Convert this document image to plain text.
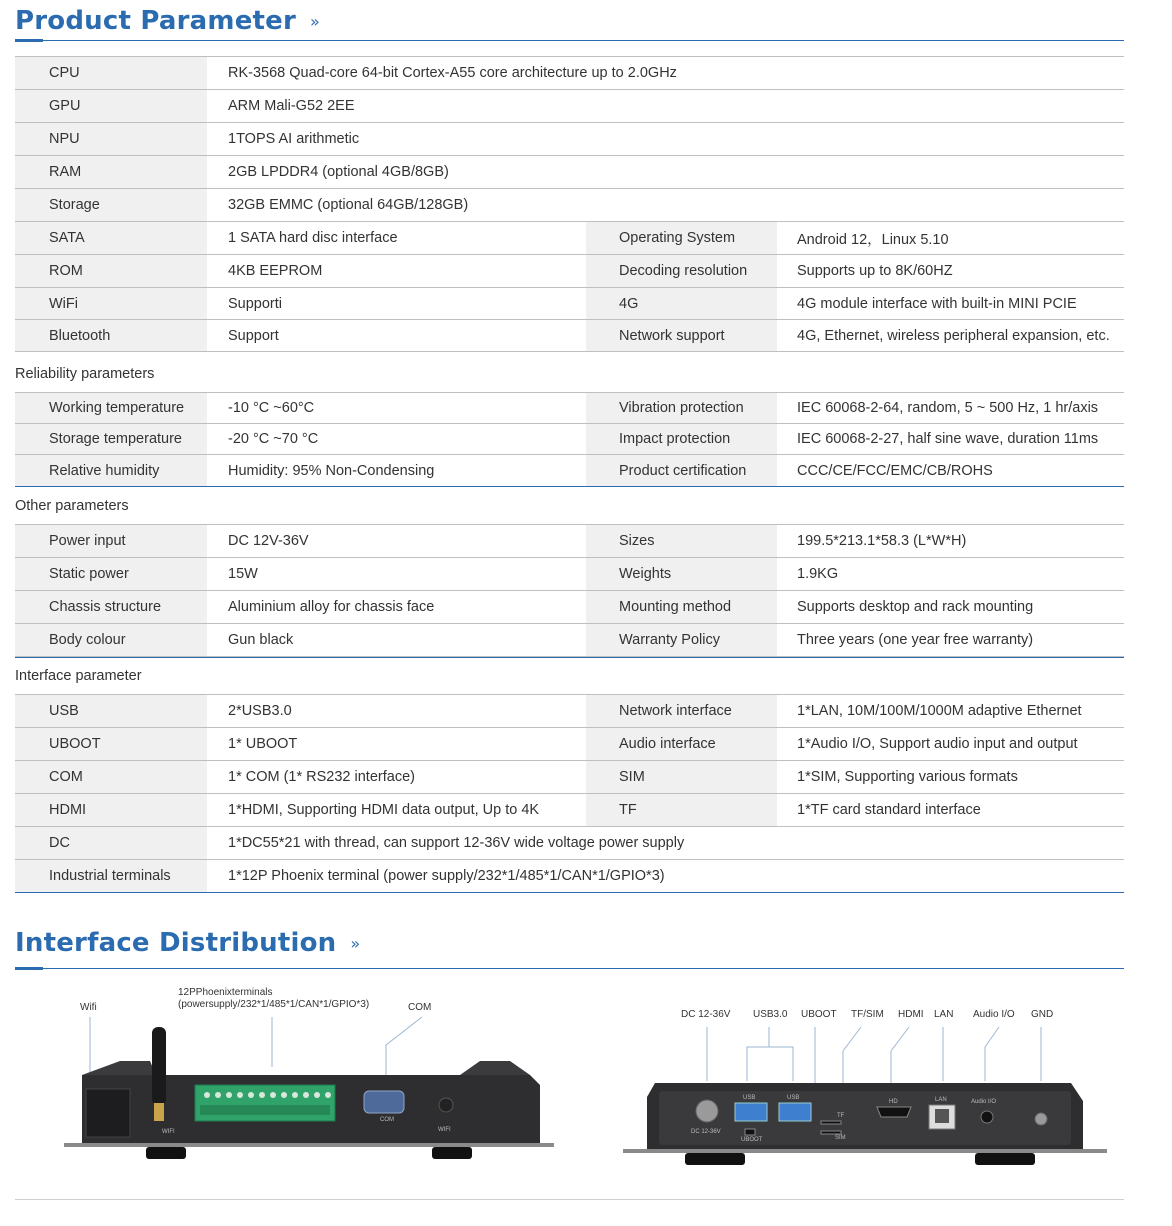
Product Parameter »
CPU	RK-3568 Quad-core 64-bit Cortex-A55 core architecture up to 2.0GHz
GPU	ARM Mali-G52 2EE
NPU	1TOPS AI arithmetic
RAM	2GB LPDDR4 (optional 4GB/8GB)
Storage	32GB EMMC (optional 64GB/128GB)
SATA	1 SATA hard disc interface	Operating System	Android 12，Linux 5.10
ROM	4KB EEPROM	Decoding resolution	Supports up to 8K/60HZ
WiFi	Supporti	4G	4G module interface with built-in MINI PCIE
Bluetooth	Support	Network support	4G, Ethernet, wireless peripheral expansion, etc.
Reliability parameters
Working temperature	-10 °C ~60°C	Vibration protection	IEC 60068-2-64, random, 5 ~ 500 Hz, 1 hr/axis
Storage temperature	-20 °C ~70 °C	Impact protection	IEC 60068-2-27, half sine wave, duration 11ms
Relative humidity	Humidity: 95% Non-Condensing	Product certification	CCC/CE/FCC/EMC/CB/ROHS
Other parameters
Power input	DC 12V-36V	Sizes	199.5*213.1*58.3 (L*W*H)
Static power	15W	Weights	1.9KG
Chassis structure	Aluminium alloy for chassis face	Mounting method	Supports desktop and rack mounting
Body colour	Gun black	Warranty Policy	Three years (one year free warranty)
Interface parameter
USB	2*USB3.0	Network interface	1*LAN, 10M/100M/1000M adaptive Ethernet
UBOOT	1* UBOOT	Audio interface	1*Audio I/O, Support audio input and output
COM	1* COM (1* RS232 interface)	SIM	1*SIM, Supporting various formats
HDMI	1*HDMI, Supporting HDMI data output, Up to 4K	TF	1*TF card standard interface
DC	1*DC55*21 with thread, can support 12-36V wide voltage power supply
Industrial terminals	1*12P Phoenix terminal (power supply/232*1/485*1/CAN*1/GPIO*3)
Interface Distribution »
Wifi
12PPhoenixterminals
(powersupply/232*1/485*1/CAN*1/GPIO*3)	COM
WIFI
COM
WIFI
DC 12-36V USB3.0 UBOOT TF/SIM HDMI LAN Audio I/O GND
DC 12-36V
USB	USB
UBOOT
TF
SIM
HD	LAN	Audio I/O
